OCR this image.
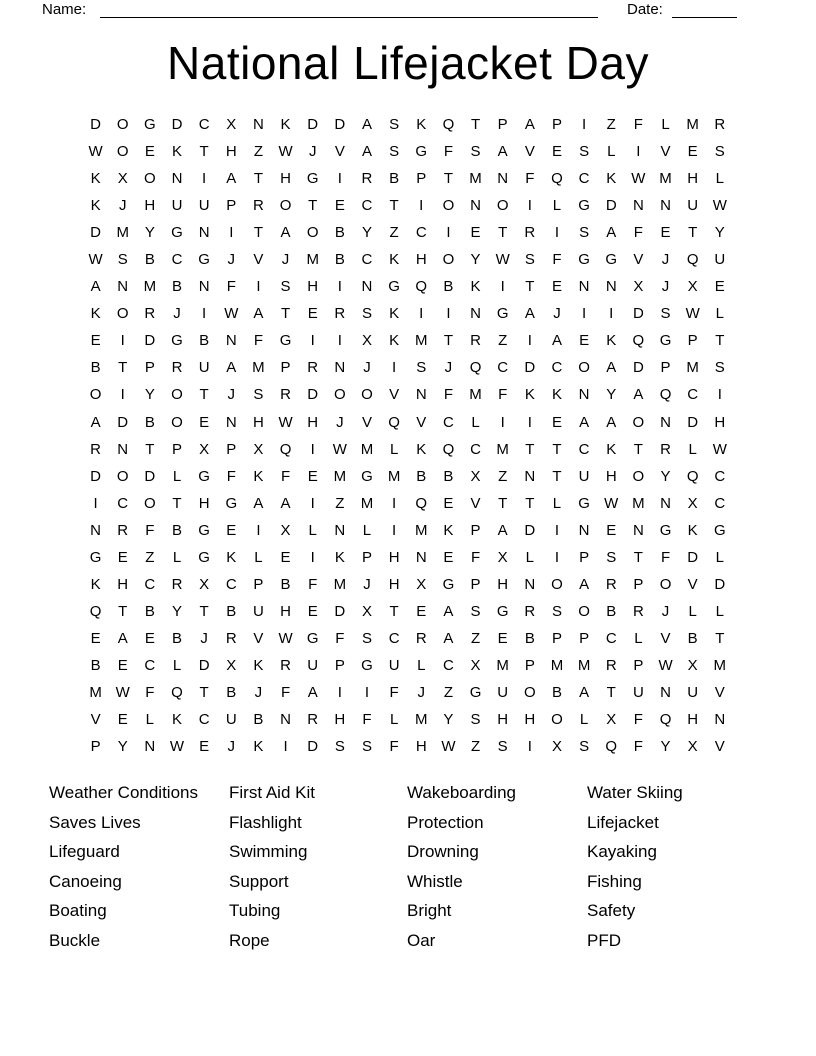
Name:	Date:
National Lifejacket Day
D	O	G	D	C	X	N	K	D	D	A	S	K	Q	T	P	A	P	I	Z	F	L	M	R
W O	E	K	T	H	Z	W	J	V	A	S	G	F	S	A	V	E	S	L	I	V	E	S
K	X	O	N	I	A	T	H	G	I	R	B	P	T	M	N	F	Q	C	K	W M	H	L
K	J	H	U	U	P	R	O	T	E	C	T	I	O	N	O	I	L	G	D	N	N	U W
D	M	Y	G	N	I	T	A	O	B	Y	Z	C	I	E	T	R	I	S	A	F	E	T	Y
W	S	B	C	G	J	V	J	M	B	C	K	H	O	Y	W	S	F	G	G	V	J	Q	U
A	N	M	B	N	F	I	S	H	I	N	G	Q	B	K	I	T	E	N	N	X	J	X	E
K	O	R	J	I	W	A	T	E	R	S	K	I	I	N	G	A	J	I	I	D	S	W	L
E	I	D	G	B	N	F	G	I	I	X	K	M	T	R	Z	I	A	E	K	Q	G	P	T
B	T	P	R	U	A	M	P	R	N	J	I	S	J	Q	C	D	C	O	A	D	P	M	S
O	I	Y	O	T	J	S	R	D	O	O	V	N	F	M	F	K	K	N	Y	A	Q	C	I
A	D	B	O	E	N	H W H	J	V	Q	V	C	L	I	I	E	A	A	O	N	D	H
R	N	T	P	X	P	X	Q	I	W M	L	K	Q	C	M	T	T	C	K	T	R	L	W
D	O	D	L	G	F	K	F	E	M	G	M	B	B	X	Z	N	T	U	H	O	Y	Q	C
I	C	O	T	H	G	A	A	I	Z	M	I	Q	E	V	T	T	L	G W M	N	X	C
N	R	F	B	G	E	I	X	L	N	L	I	M	K	P	A	D	I	N	E	N	G	K	G
G	E	Z	L	G	K	L	E	I	K	P	H	N	E	F	X	L	I	P	S	T	F	D	L
K	H	C	R	X	C	P	B	F	M	J	H	X	G	P	H	N	O	A	R	P	O	V	D
Q	T	B	Y	T	B	U	H	E	D	X	T	E	A	S	G	R	S	O	B	R	J	L	L
E	A	E	B	J	R	V	W G	F	S	C	R	A	Z	E	B	P	P	C	L	V	B	T
B	E	C	L	D	X	K	R	U	P	G	U	L	C	X	M	P	M M	R	P	W	X	M
M W	F	Q	T	B	J	F	A	I	I	F	J	Z	G	U	O	B	A	T	U	N	U	V
V	E	L	K	C	U	B	N	R	H	F	L	M	Y	S	H	H	O	L	X	F	Q	H	N
P	Y	N W	E	J	K	I	D	S	S	F	H W	Z	S	I	X	S	Q	F	Y	X	V
Weather Conditions
Saves Lives
Lifeguard
Canoeing
Boating
Buckle
First Aid Kit
Flashlight
Swimming
Support
Tubing
Rope
Wakeboarding
Protection
Drowning
Whistle
Bright
Oar
Water Skiing
Lifejacket
Kayaking
Fishing
Safety
PFD
